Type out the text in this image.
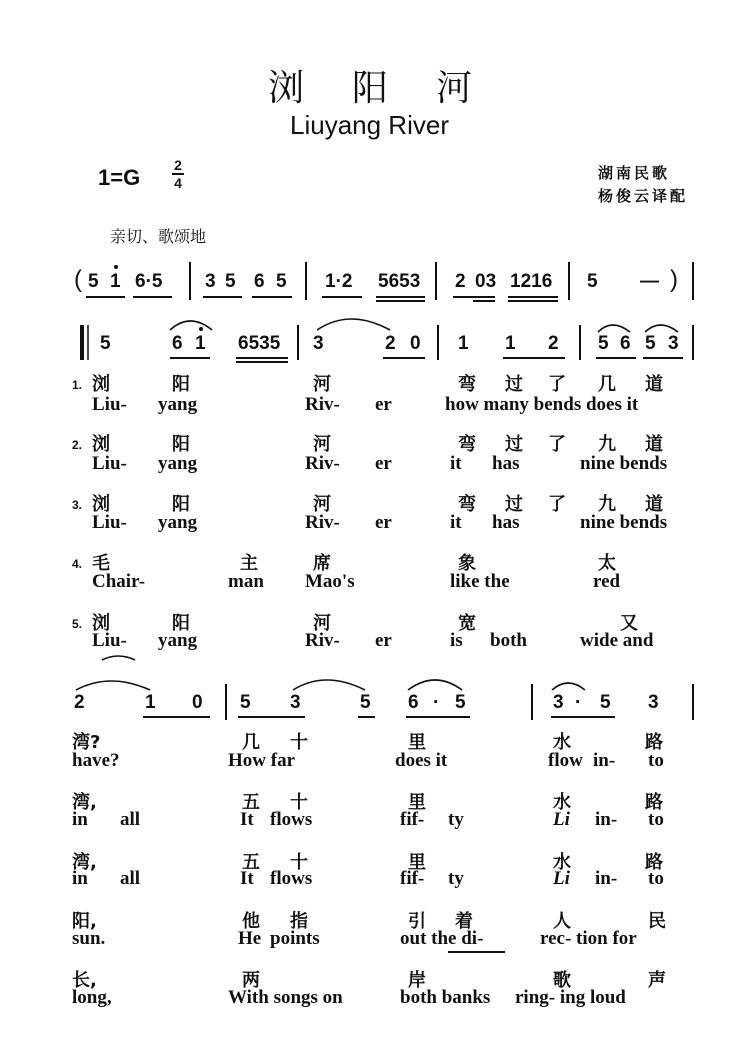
浏阳河
Liuyang River
1=G 2
4
湖南民歌
杨俊云译配
亲切、歌颂地
( 5 1 6·5 3 5 6 5 1·2 5653 2 03 1216 5 — )
5	6 1 6535 3	2 0 1 1 2 5 6 5 3
1. 浏	阳	河	弯 过 了 几 道
Liu- yang	Riv- er	how many bends does it
2. 浏	阳	河	弯 过 了 九 道
Liu- yang	Riv- er	it has	nine bends
3. 浏	阳	河	弯 过 了 九 道
Liu- yang	Riv- er	it has	nine bends
4. 毛	主	席	象	太
Chair-	man Mao's	like the	red
5. 浏	阳	河	宽	又
Liu- yang	Riv- er	is both	wide and
2	1 0 5 3	5 6 · 5	3 · 5 3
湾?	几 十	里	水	路
have?	How far	does it	flow in- to
湾,	五 十	里	水	路
in all	It flows	fif- ty	Li in- to
湾,	五 十	里	水	路
in all	It flows	fif- ty	Li in- to
阳,	他 指	引 着	人	民
sun.	He points	out the di-	rec- tion for
长,	两	岸	歌	声
long,	With songs on	both banks ring- ing loud
